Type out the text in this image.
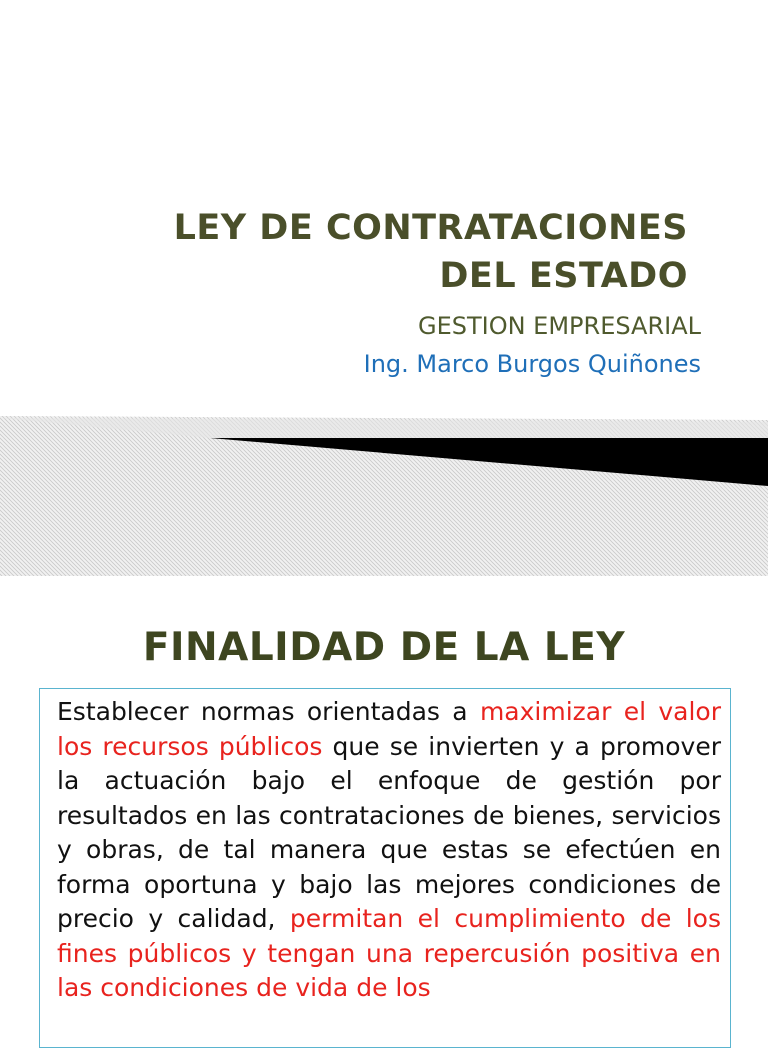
LEY DE CONTRATACIONES
DEL ESTADO
GESTION EMPRESARIAL
Ing. Marco Burgos Quiñones
FINALIDAD DE LA LEY

Establecer normas orientadas a maximizar el valor los recursos públicos que se invierten y a promover la actuación bajo el enfoque de gestión por resultados en las contrataciones de bienes, servicios y obras, de tal manera que estas se efectúen en forma oportuna y bajo las mejores condiciones de precio y calidad, permitan el cumplimiento de los fines públicos y tengan una repercusión positiva en las condiciones de vida de los
